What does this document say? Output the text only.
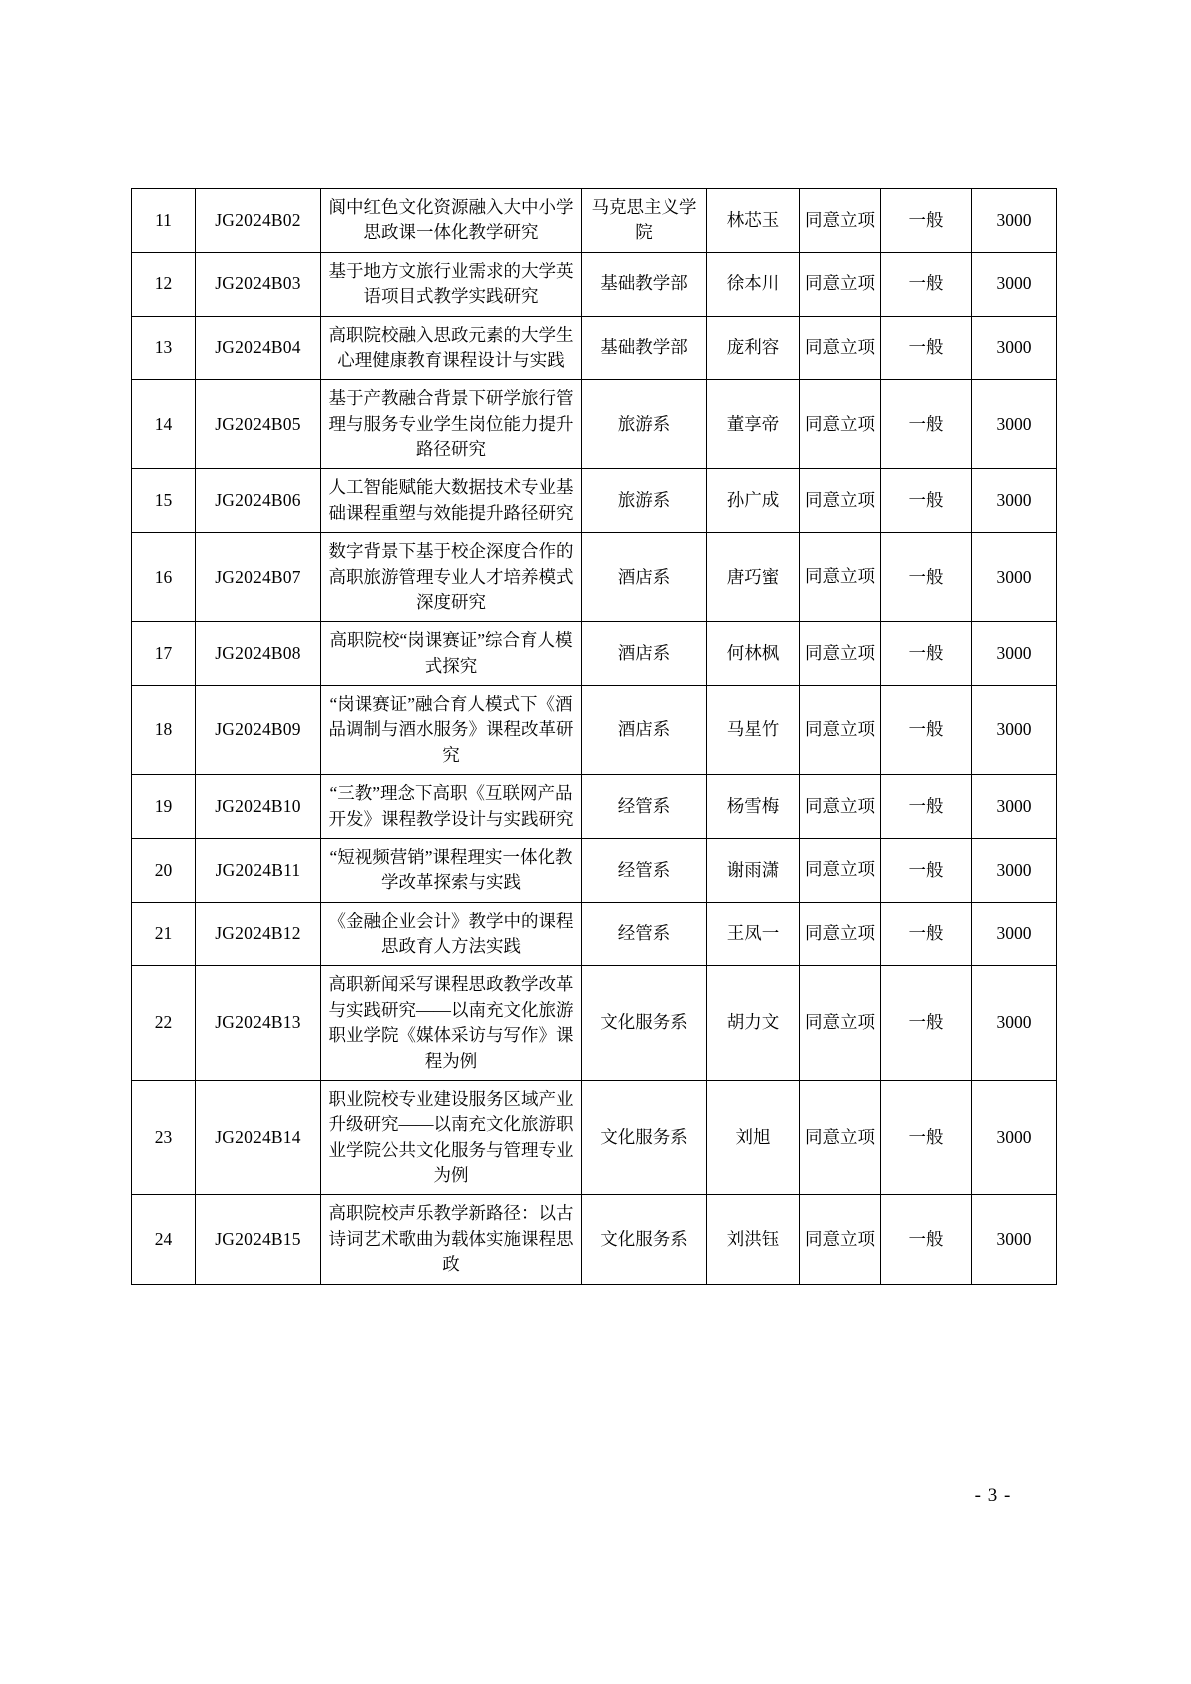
11	JG2024B02	阆中红色文化资源融入大中小学思政课一体化教学研究	马克思主义学院	林芯玉	同意立项	一般	3000
12	JG2024B03	基于地方文旅行业需求的大学英语项目式教学实践研究	基础教学部	徐本川	同意立项	一般	3000
13	JG2024B04	高职院校融入思政元素的大学生心理健康教育课程设计与实践	基础教学部	庞利容	同意立项	一般	3000
14	JG2024B05	基于产教融合背景下研学旅行管理与服务专业学生岗位能力提升路径研究	旅游系	董享帝	同意立项	一般	3000
15	JG2024B06	人工智能赋能大数据技术专业基础课程重塑与效能提升路径研究	旅游系	孙广成	同意立项	一般	3000
16	JG2024B07	数字背景下基于校企深度合作的高职旅游管理专业人才培养模式深度研究	酒店系	唐巧蜜	同意立项	一般	3000
17	JG2024B08	高职院校“岗课赛证”综合育人模式探究	酒店系	何林枫	同意立项	一般	3000
18	JG2024B09	“岗课赛证”融合育人模式下《酒品调制与酒水服务》课程改革研究	酒店系	马星竹	同意立项	一般	3000
19	JG2024B10	“三教”理念下高职《互联网产品开发》课程教学设计与实践研究	经管系	杨雪梅	同意立项	一般	3000
20	JG2024B11	“短视频营销”课程理实一体化教学改革探索与实践	经管系	谢雨潇	同意立项	一般	3000
21	JG2024B12	《金融企业会计》教学中的课程思政育人方法实践	经管系	王凤一	同意立项	一般	3000
22	JG2024B13	高职新闻采写课程思政教学改革与实践研究——以南充文化旅游职业学院《媒体采访与写作》课程为例	文化服务系	胡力文	同意立项	一般	3000
23	JG2024B14	职业院校专业建设服务区域产业升级研究——以南充文化旅游职业学院公共文化服务与管理专业为例	文化服务系	刘旭	同意立项	一般	3000
24	JG2024B15	高职院校声乐教学新路径：以古诗词艺术歌曲为载体实施课程思政	文化服务系	刘洪钰	同意立项	一般	3000
- 3 -
